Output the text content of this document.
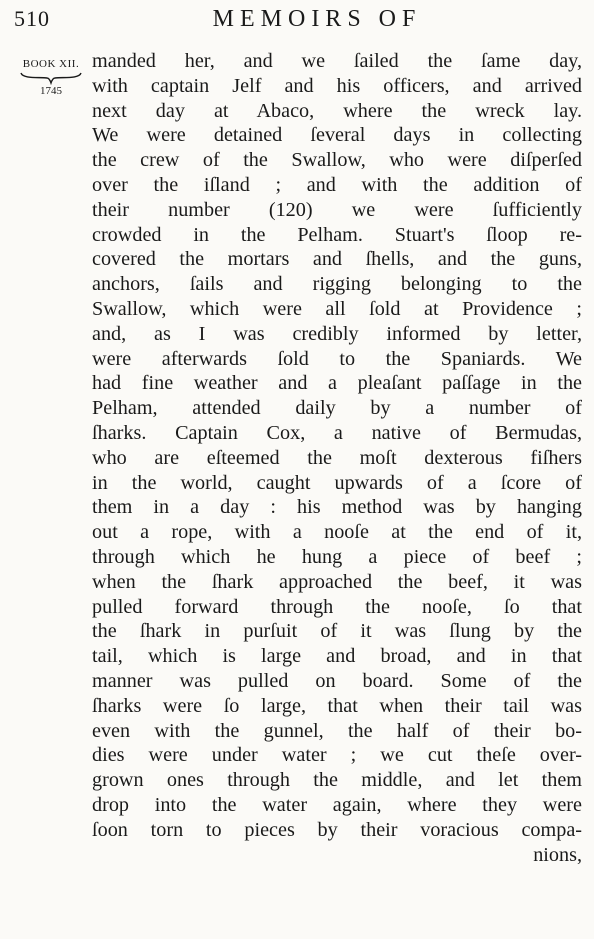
510	MEMOIRS OF
BOOK XII.
1745
manded her, and we ſailed the ſame day,
with captain Jelf and his officers, and arrived
next day at Abaco, where the wreck lay.
We were detained ſeveral days in collecting
the crew of the Swallow, who were diſperſed
over the iſland ; and with the addition of
their number (120) we were ſufficiently
crowded in the Pelham. Stuart's ſloop re-
covered the mortars and ſhells, and the guns,
anchors, ſails and rigging belonging to the
Swallow, which were all ſold at Providence ;
and, as I was credibly informed by letter,
were afterwards ſold to the Spaniards. We
had fine weather and a pleaſant paſſage in the
Pelham, attended daily by a number of
ſharks. Captain Cox, a native of Bermudas,
who are eſteemed the moſt dexterous fiſhers
in the world, caught upwards of a ſcore of
them in a day : his method was by hanging
out a rope, with a nooſe at the end of it,
through which he hung a piece of beef ;
when the ſhark approached the beef, it was
pulled forward through the nooſe, ſo that
the ſhark in purſuit of it was ſlung by the
tail, which is large and broad, and in that
manner was pulled on board. Some of the
ſharks were ſo large, that when their tail was
even with the gunnel, the half of their bo-
dies were under water ; we cut theſe over-
grown ones through the middle, and let them
drop into the water again, where they were
ſoon torn to pieces by their voracious compa-
nions,
